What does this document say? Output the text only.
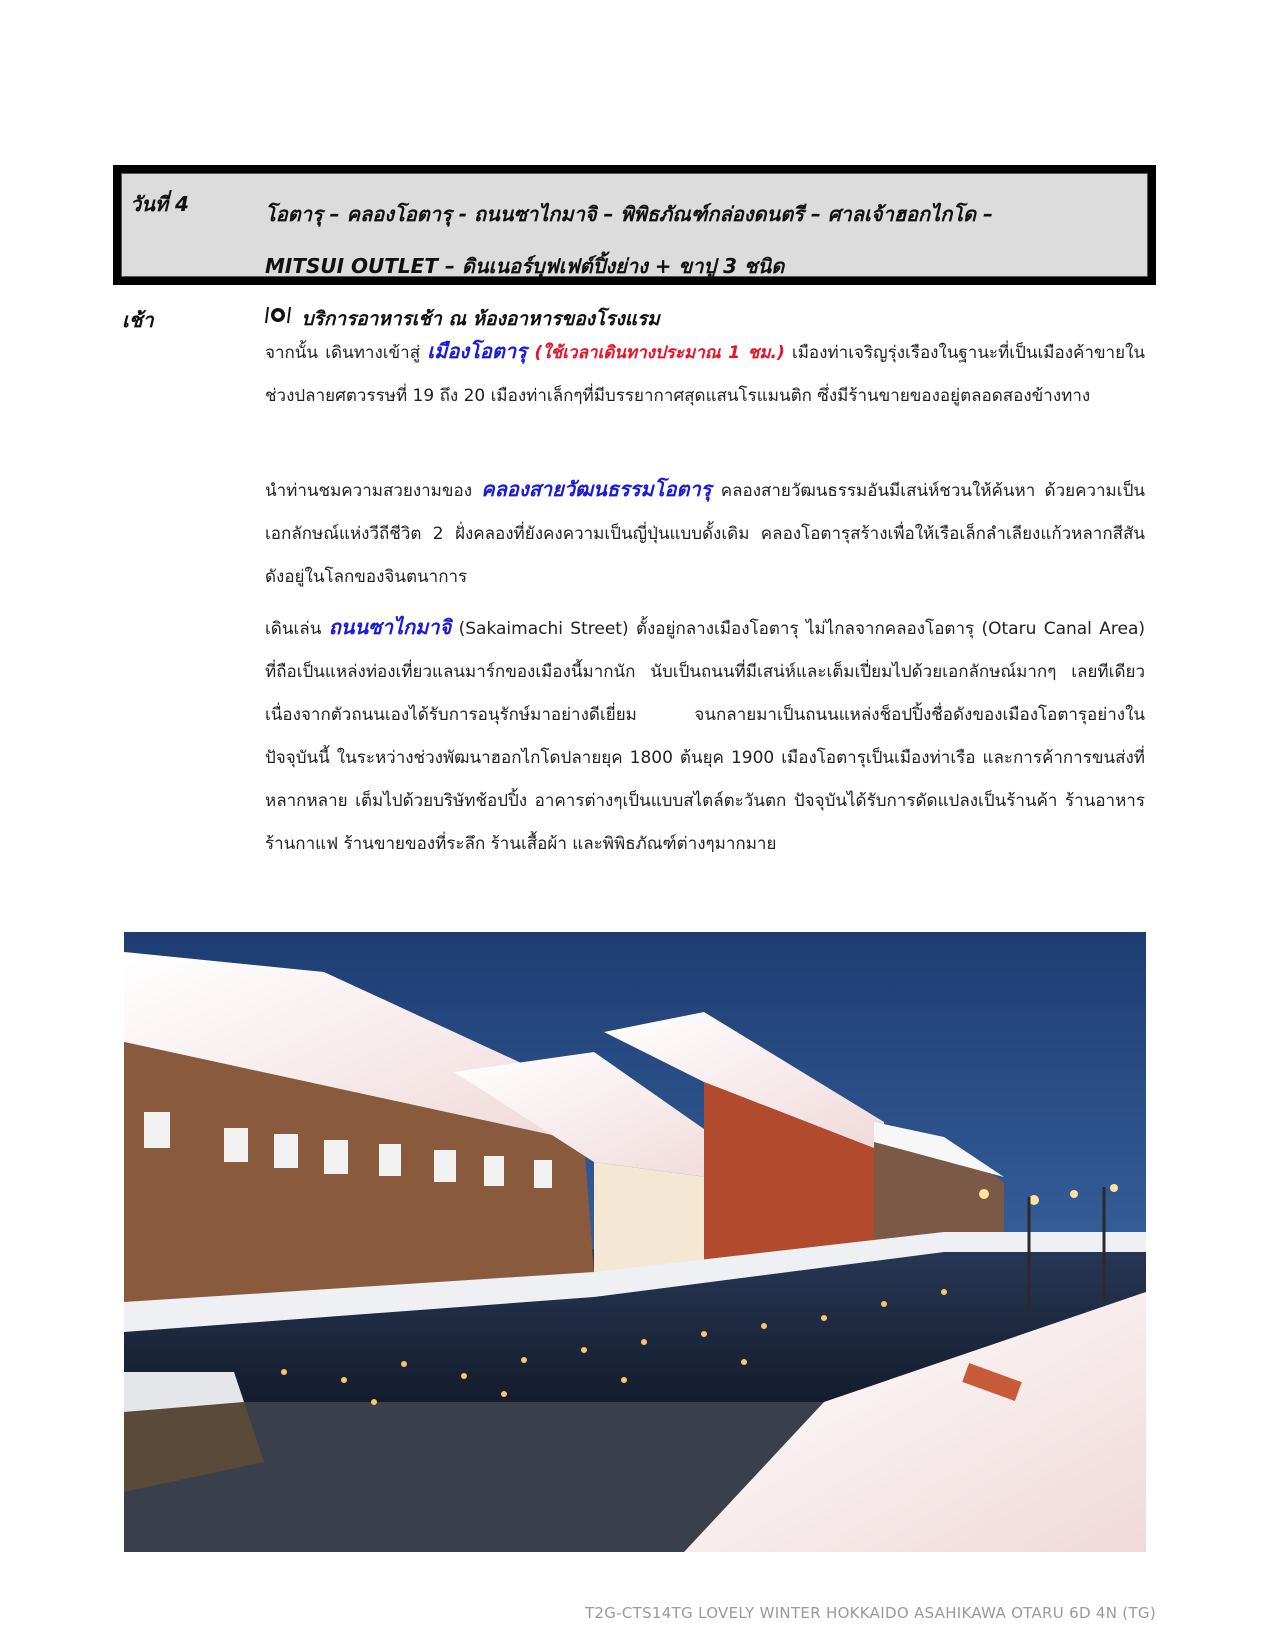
วันที่ 4	โอตารุ – คลองโอตารุ - ถนนซาไกมาจิ – พิพิธภัณฑ์กล่องดนตรี – ศาลเจ้าฮอกไกโด –
MITSUI OUTLET – ดินเนอร์บุฟเฟต์ปิ้งย่าง + ขาปู 3 ชนิด
เช้า	บริการอาหารเช้า ณ ห้องอาหารของโรงแรม
จากนั้น เดินทางเข้าสู่ เมืองโอตารุ (ใช้เวลาเดินทางประมาณ 1 ชม.) เมืองท่าเจริญรุ่งเรืองในฐานะที่เป็นเมืองค้าขายในช่วงปลายศตวรรษที่ 19 ถึง 20 เมืองท่าเล็กๆที่มีบรรยากาศสุดแสนโรแมนติก ซึ่งมีร้านขายของอยู่ตลอดสองข้างทาง
นำท่านชมความสวยงามของ คลองสายวัฒนธรรมโอตารุ คลองสายวัฒนธรรมอันมีเสน่ห์ชวนให้ค้นหา ด้วยความเป็นเอกลักษณ์แห่งวีถีชีวิต 2 ฝั่งคลองที่ยังคงความเป็นญี่ปุ่นแบบดั้งเดิม คลองโอตารุสร้างเพื่อให้เรือเล็กลำเลียงแก้วหลากสีสันดังอยู่ในโลกของจินตนาการ
เดินเล่น ถนนซาไกมาจิ (Sakaimachi Street) ตั้งอยู่กลางเมืองโอตารุ ไม่ไกลจากคลองโอตารุ (Otaru Canal Area) ที่ถือเป็นแหล่งท่องเที่ยวแลนมาร์กของเมืองนี้มากนัก นับเป็นถนนที่มีเสน่ห์และเต็มเปี่ยมไปด้วยเอกลักษณ์มากๆ เลยทีเดียว เนื่องจากตัวถนนเองได้รับการอนุรักษ์มาอย่างดีเยี่ยม จนกลายมาเป็นถนนแหล่งช็อปปิ้งชื่อดังของเมืองโอตารุอย่างในปัจจุบันนี้ ในระหว่างช่วงพัฒนาฮอกไกโดปลายยุค 1800 ต้นยุค 1900 เมืองโอตารุเป็นเมืองท่าเรือ และการค้าการขนส่งที่หลากหลาย เต็มไปด้วยบริษัทช้อปปิ้ง อาคารต่างๆเป็นแบบสไตล์ตะวันตก ปัจจุบันได้รับการดัดแปลงเป็นร้านค้า ร้านอาหาร ร้านกาแฟ ร้านขายของที่ระลึก ร้านเสื้อผ้า และพิพิธภัณฑ์ต่างๆมากมาย
T2G-CTS14TG LOVELY WINTER HOKKAIDO ASAHIKAWA OTARU 6D 4N (TG)
